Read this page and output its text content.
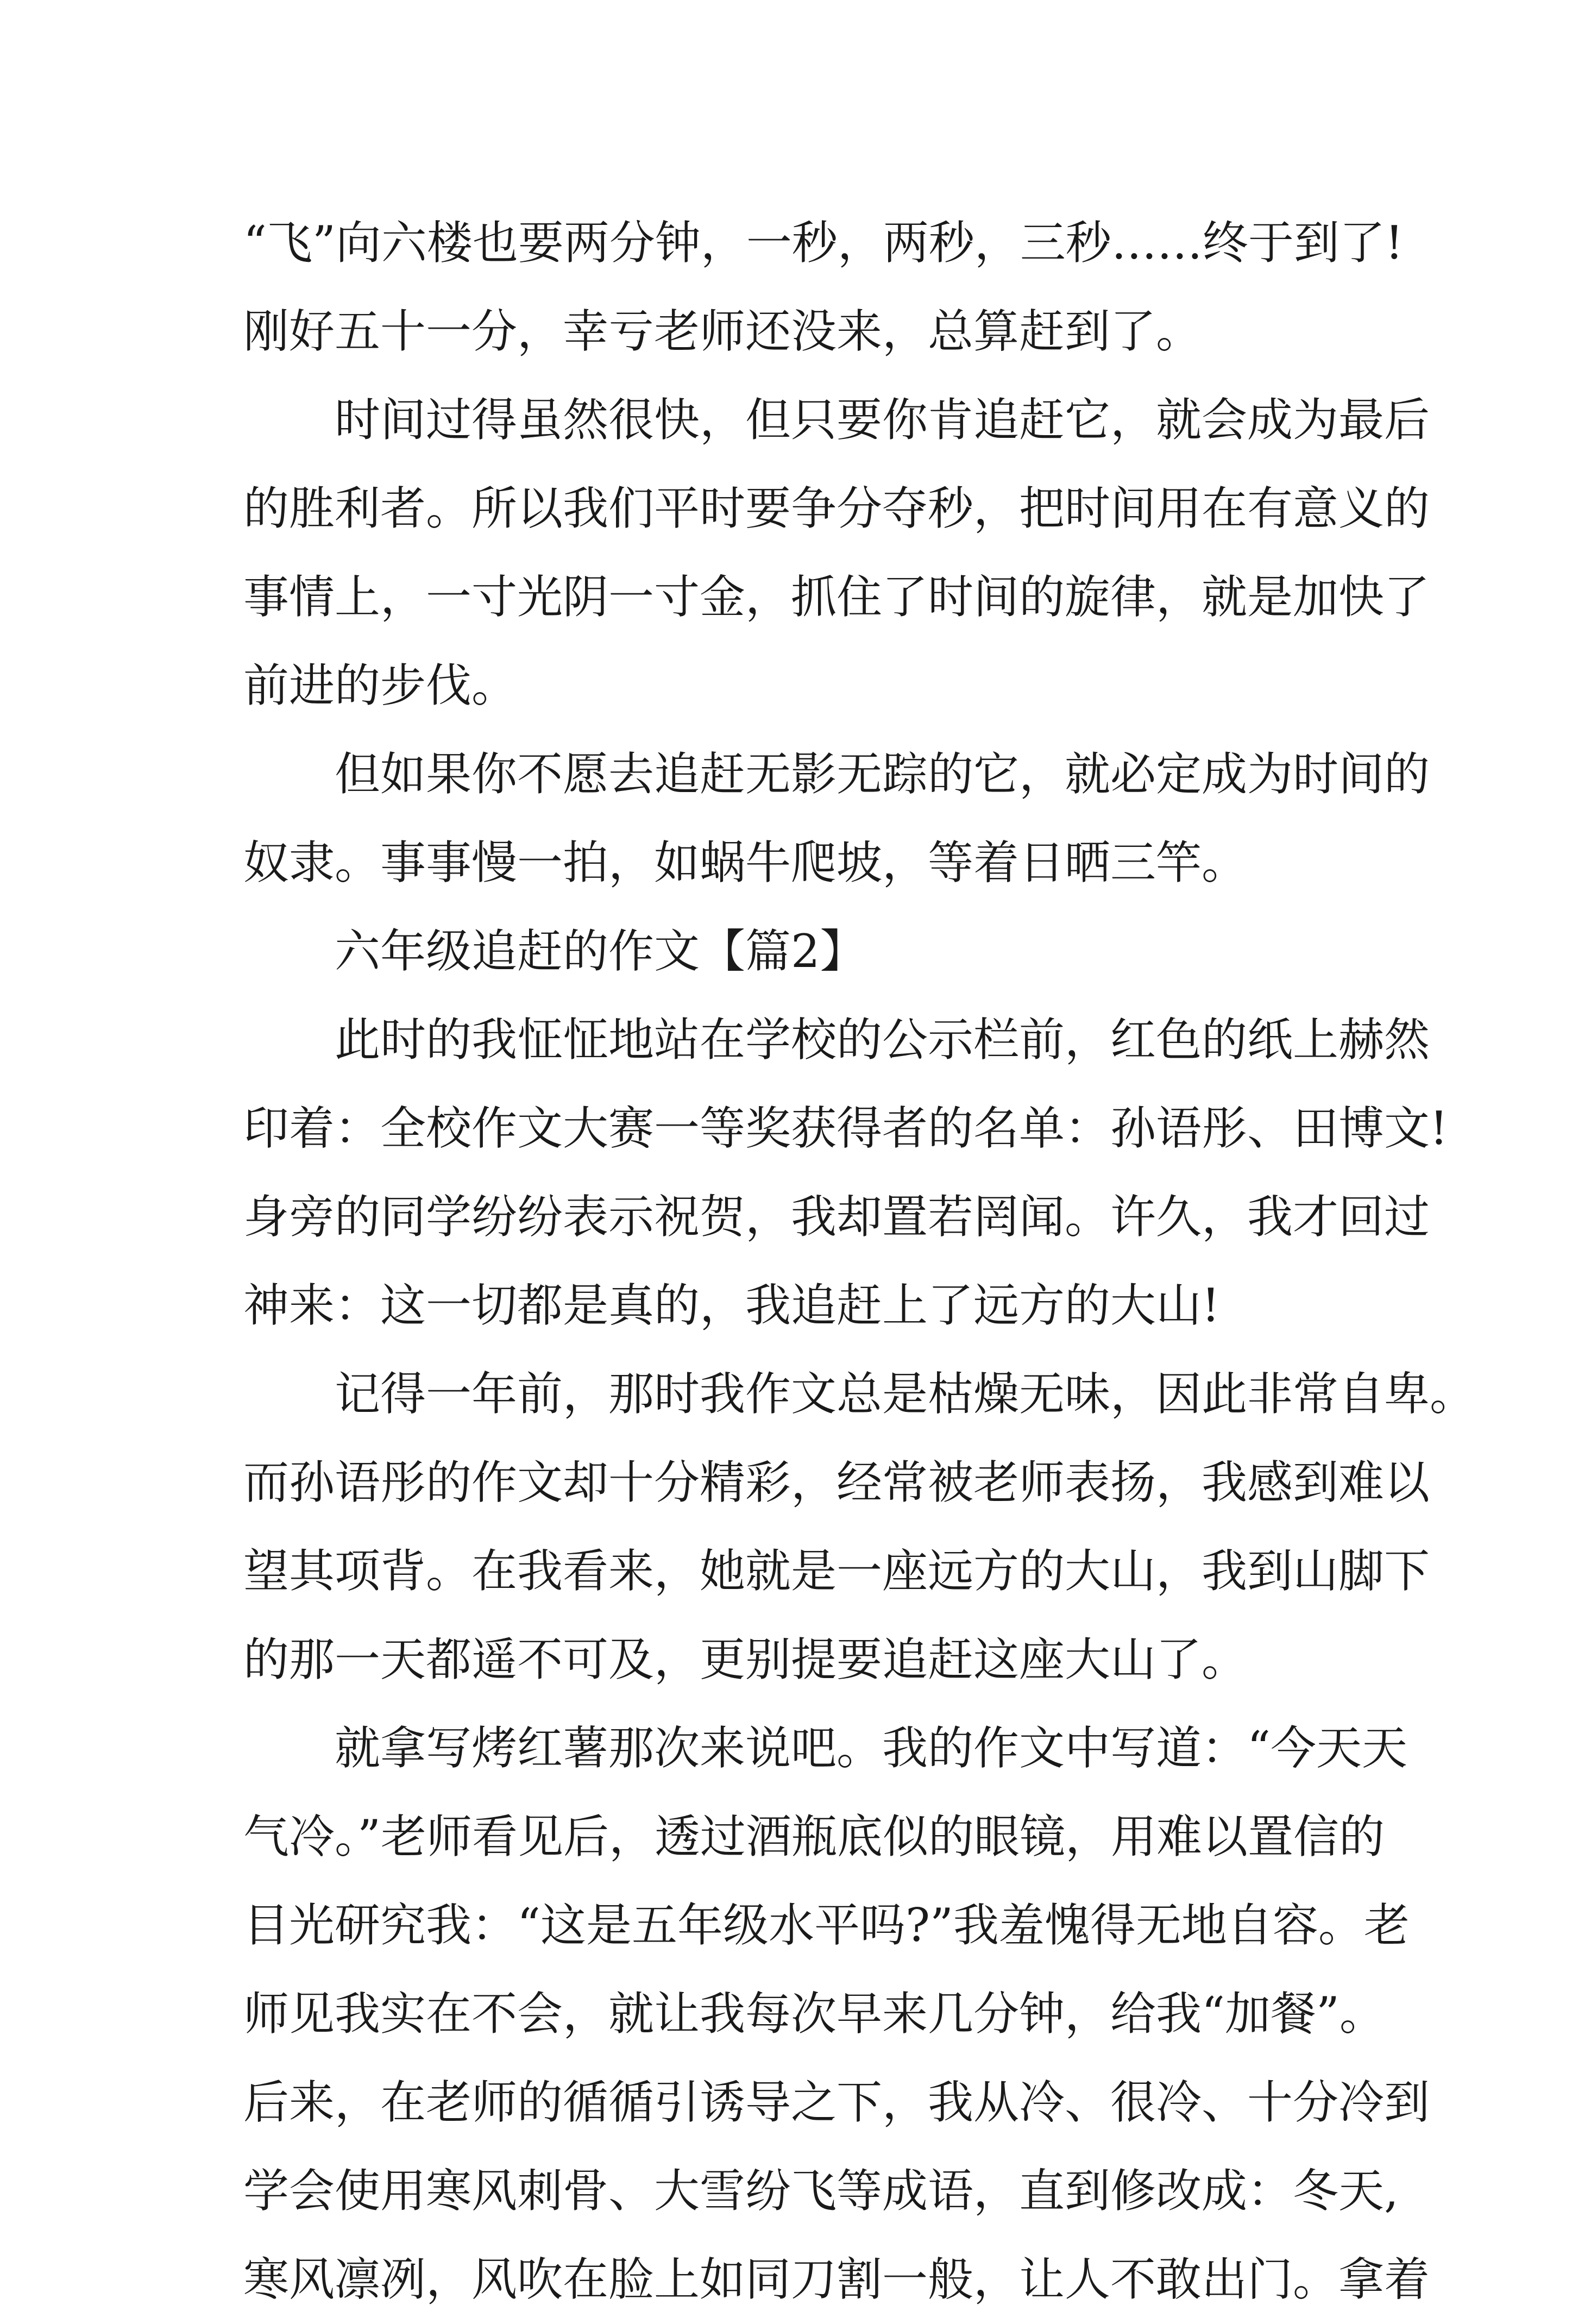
“飞”向六楼也要两分钟，一秒，两秒，三秒……终于到了!
刚好五十一分，幸亏老师还没来，总算赶到了。
时间过得虽然很快，但只要你肯追赶它，就会成为最后
的胜利者。所以我们平时要争分夺秒，把时间用在有意义的
事情上，一寸光阴一寸金，抓住了时间的旋律，就是加快了
前进的步伐。
但如果你不愿去追赶无影无踪的它，就必定成为时间的
奴隶。事事慢一拍，如蜗牛爬坡，等着日晒三竿。
六年级追赶的作文【篇2】
此时的我怔怔地站在学校的公示栏前，红色的纸上赫然
印着：全校作文大赛一等奖获得者的名单：孙语彤、田博文!
身旁的同学纷纷表示祝贺，我却置若罔闻。许久，我才回过
神来：这一切都是真的，我追赶上了远方的大山!
记得一年前，那时我作文总是枯燥无味，因此非常自卑。
而孙语彤的作文却十分精彩，经常被老师表扬，我感到难以
望其项背。在我看来，她就是一座远方的大山，我到山脚下
的那一天都遥不可及，更别提要追赶这座大山了。
就拿写烤红薯那次来说吧。我的作文中写道：“今天天
气冷。”老师看见后，透过酒瓶底似的眼镜，用难以置信的
目光研究我：“这是五年级水平吗?”我羞愧得无地自容。老
师见我实在不会，就让我每次早来几分钟，给我“加餐”。
后来，在老师的循循引诱导之下，我从冷、很冷、十分冷到
学会使用寒风刺骨、大雪纷飞等成语，直到修改成：冬天,
寒风凛冽，风吹在脸上如同刀割一般，让人不敢出门。拿着
